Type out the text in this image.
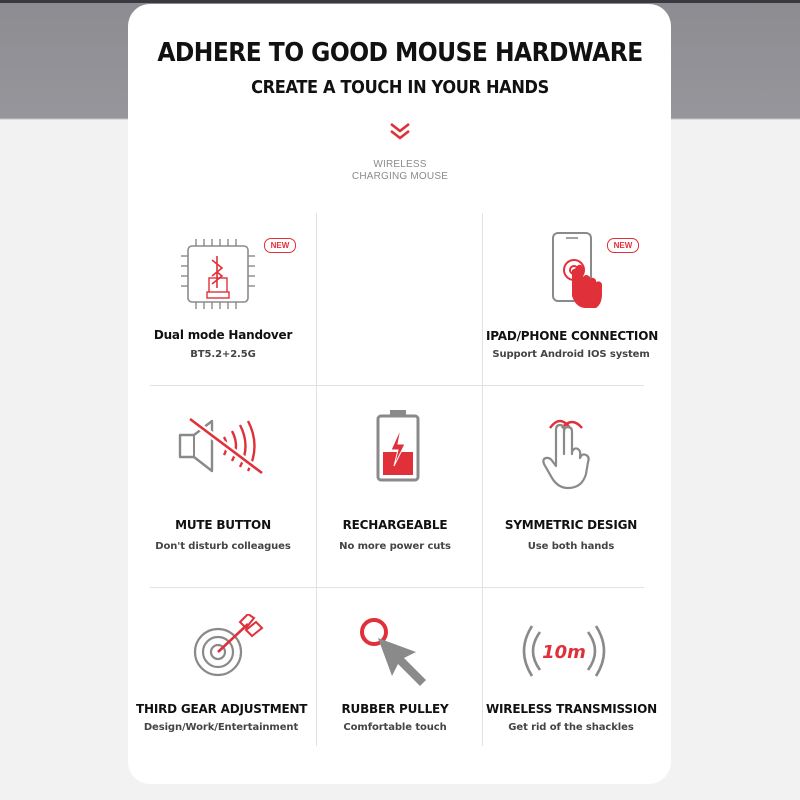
ADHERE TO GOOD MOUSE HARDWARE
CREATE A TOUCH IN YOUR HANDS
WIRELESS
CHARGING MOUSE
NEW
Dual mode Handover
BT5.2+2.5G
NEW
IPAD/PHONE CONNECTION
Support Android IOS system
MUTE BUTTON
Don't disturb colleagues
RECHARGEABLE
No more power cuts
SYMMETRIC DESIGN
Use both hands
THIRD GEAR ADJUSTMENT
Design/Work/Entertainment
RUBBER PULLEY
Comfortable touch
10m
WIRELESS TRANSMISSION
Get rid of the shackles
